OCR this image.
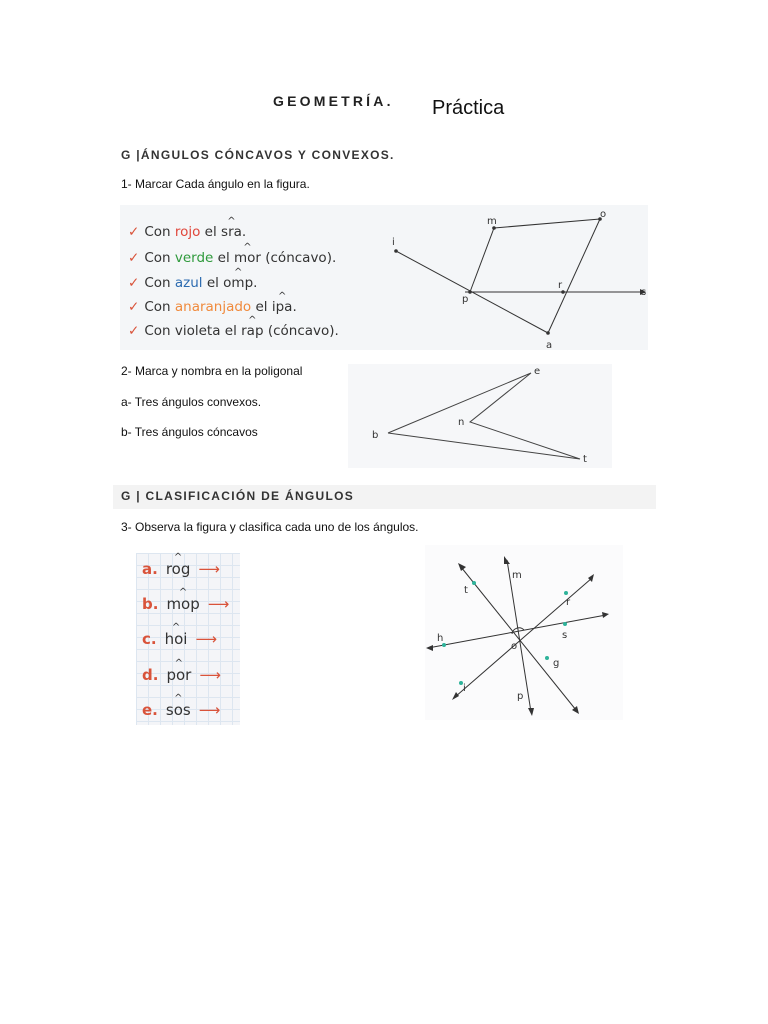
GEOMETRÍA. Práctica
G |ÁNGULOS CÓNCAVOS Y CONVEXOS.
1- Marcar Cada ángulo en la figura.
✓ Con rojo el ^ sra.
✓ Con verde el ^ mor (cóncavo).
✓ Con azul el ^ omp.
✓ Con anaranjado el ^ ipa.
✓ Con violeta el ^ rap (cóncavo).
i
m
o
p
r
s
a
e
n
b
t
m
t
r
h	s
o
g
i
p
2- Marca y nombra en la poligonal
a- Tres ángulos convexos.
b- Tres ángulos cóncavos
G | CLASIFICACIÓN DE ÁNGULOS
3- Observa la figura y clasifica cada uno de los ángulos.
a. ^ rog ⟶
b. ^ mop ⟶
c. ^ hoi ⟶
d. ^ por ⟶
e. ^ sos ⟶
